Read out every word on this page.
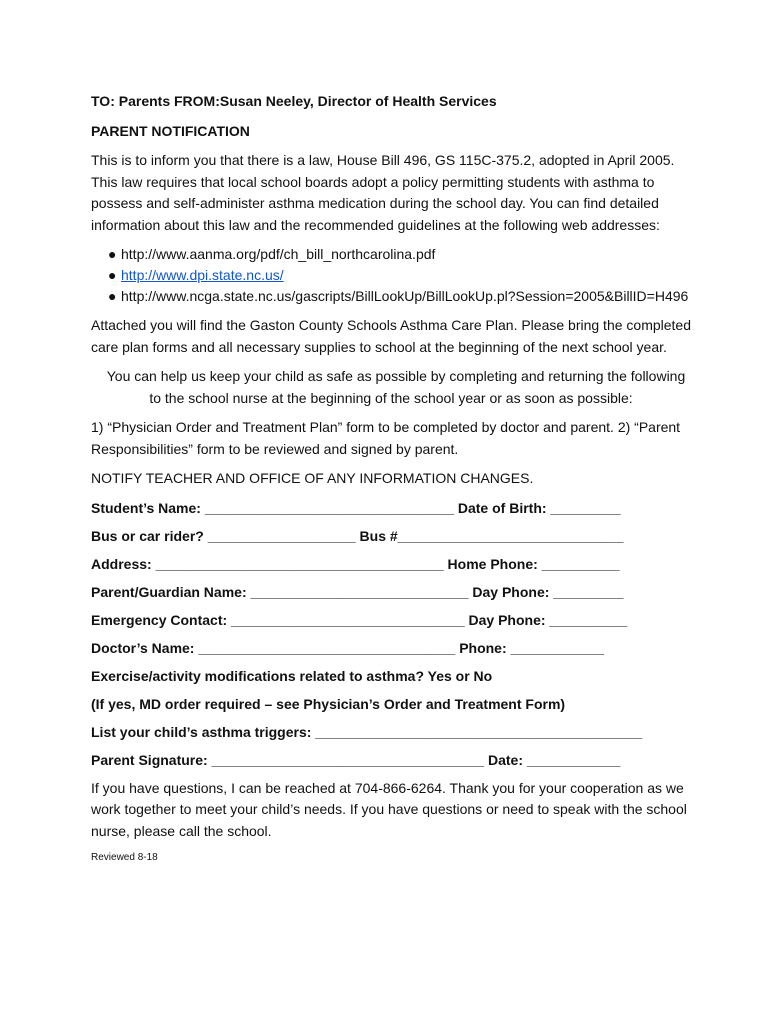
TO: Parents FROM:Susan Neeley, Director of Health Services

PARENT NOTIFICATION

This is to inform you that there is a law, House Bill 496, GS 115C-375.2, adopted in April 2005. This law requires that local school boards adopt a policy permitting students with asthma to possess and self-administer asthma medication during the school day. You can find detailed information about this law and the recommended guidelines at the following web addresses:

● http://www.aanma.org/pdf/ch_bill_northcarolina.pdf
● http://www.dpi.state.nc.us/
● http://www.ncga.state.nc.us/gascripts/BillLookUp/BillLookUp.pl?Session=2005&BillID=H496

Attached you will find the Gaston County Schools Asthma Care Plan. Please bring the completed care plan forms and all necessary supplies to school at the beginning of the next school year.

You can help us keep your child as safe as possible by completing and returning the following to the school nurse at the beginning of the school year or as soon as possible:

1) “Physician Order and Treatment Plan” form to be completed by doctor and parent. 2) “Parent Responsibilities” form to be reviewed and signed by parent.

NOTIFY TEACHER AND OFFICE OF ANY INFORMATION CHANGES.

Student’s Name: ________________________________ Date of Birth: _________

Bus or car rider? ___________________ Bus #_____________________________

Address: _____________________________________ Home Phone: __________

Parent/Guardian Name: ____________________________ Day Phone: _________

Emergency Contact: ______________________________ Day Phone: __________

Doctor’s Name: _________________________________ Phone: ____________

Exercise/activity modifications related to asthma? Yes or No

(If yes, MD order required – see Physician’s Order and Treatment Form)

List your child’s asthma triggers: __________________________________________

Parent Signature: ___________________________________ Date: ____________

If you have questions, I can be reached at 704-866-6264. Thank you for your cooperation as we work together to meet your child’s needs. If you have questions or need to speak with the school nurse, please call the school.

Reviewed 8-18
